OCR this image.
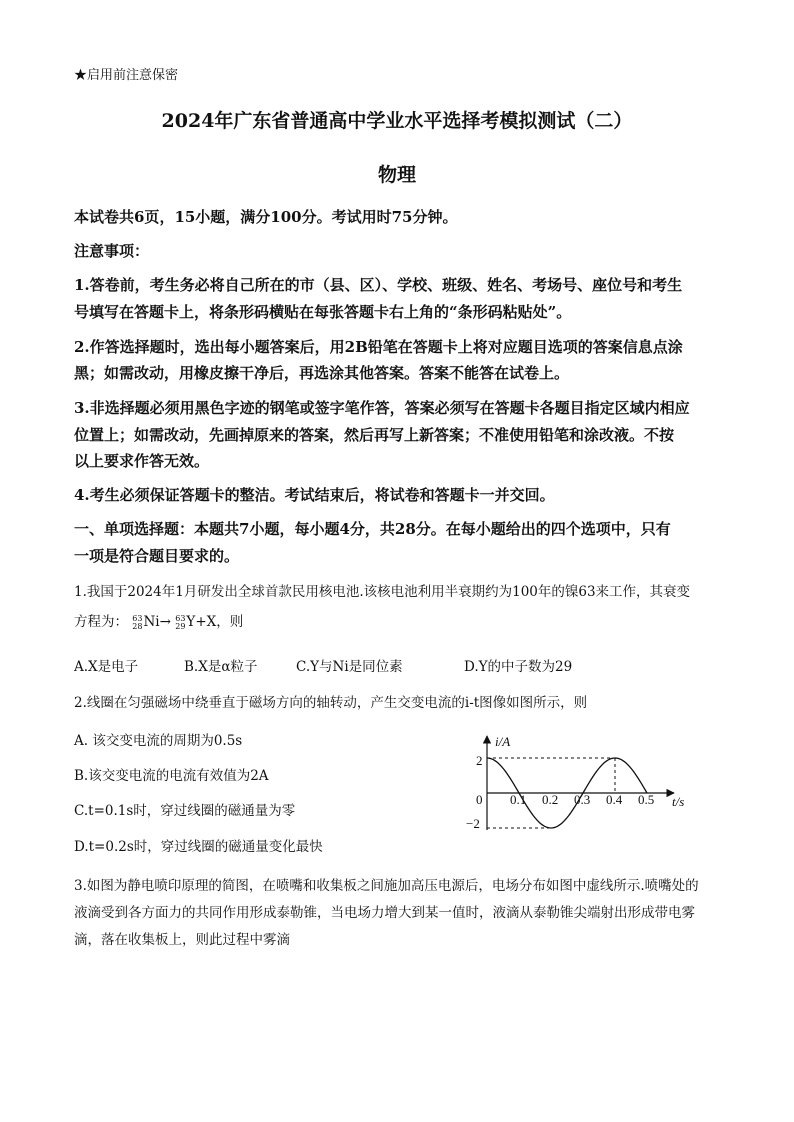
★启用前注意保密
2024年广东省普通高中学业水平选择考模拟测试（二）
物理
本试卷共6页，15小题，满分100分。考试用时75分钟。
注意事项：
1.答卷前，考生务必将自己所在的市（县、区）、学校、班级、姓名、考场号、座位号和考生
号填写在答题卡上，将条形码横贴在每张答题卡右上角的“条形码粘贴处”。
2.作答选择题时，选出每小题答案后，用2B铅笔在答题卡上将对应题目选项的答案信息点涂
黑；如需改动，用橡皮擦干净后，再选涂其他答案。答案不能答在试卷上。
3.非选择题必须用黑色字迹的钢笔或签字笔作答，答案必须写在答题卡各题目指定区域内相应
位置上；如需改动，先画掉原来的答案，然后再写上新答案；不准使用铅笔和涂改液。不按
以上要求作答无效。
4.考生必须保证答题卡的整洁。考试结束后，将试卷和答题卡一并交回。
一、单项选择题：本题共7小题，每小题4分，共28分。在每小题给出的四个选项中，只有
一项是符合题目要求的。
1.我国于2024年1月研发出全球首款民用核电池.该核电池利用半衰期约为100年的镍63来工作，其衰变
方程为： 63
28 Ni→ 63
29 Y+X，则
A.X是电子	B.X是α粒子	C.Y与Ni是同位素	D.Y的中子数为29
2.线圈在匀强磁场中绕垂直于磁场方向的轴转动，产生交变电流的i-t图像如图所示，则
A. 该交变电流的周期为0.5s
B.该交变电流的电流有效值为2A
C.t=0.1s时，穿过线圈的磁通量为零
D.t=0.2s时，穿过线圈的磁通量变化最快
i/A
t/s
0
2
−2
0.1 0.2 0.3 0.4 0.5
3.如图为静电喷印原理的简图，在喷嘴和收集板之间施加高压电源后，电场分布如图中虚线所示.喷嘴处的
液滴受到各方面力的共同作用形成泰勒锥，当电场力增大到某一值时，液滴从泰勒锥尖端射出形成带电雾
滴，落在收集板上，则此过程中雾滴
